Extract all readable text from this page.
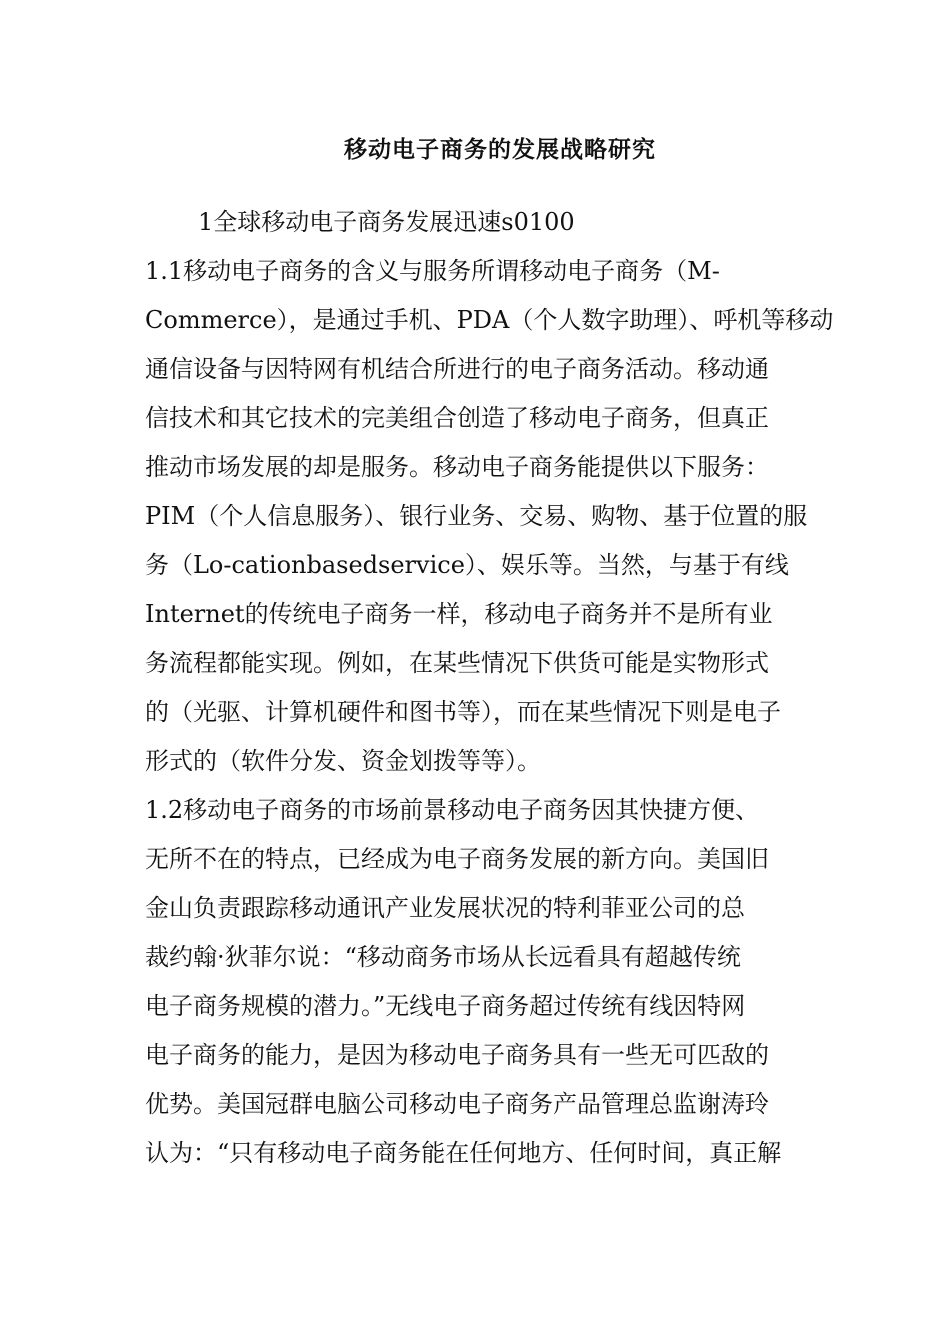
移动电子商务的发展战略研究
1全球移动电子商务发展迅速s0100
1.1移动电子商务的含义与服务所谓移动电子商务（M-
Commerce），是通过手机、PDA（个人数字助理）、呼机等移动
通信设备与因特网有机结合所进行的电子商务活动。移动通
信技术和其它技术的完美组合创造了移动电子商务，但真正
推动市场发展的却是服务。移动电子商务能提供以下服务：
PIM（个人信息服务）、银行业务、交易、购物、基于位置的服
务（Lo-cationbasedservice）、娱乐等。当然，与基于有线
Internet的传统电子商务一样，移动电子商务并不是所有业
务流程都能实现。例如，在某些情况下供货可能是实物形式
的（光驱、计算机硬件和图书等），而在某些情况下则是电子
形式的（软件分发、资金划拨等等）。
1.2移动电子商务的市场前景移动电子商务因其快捷方便、
无所不在的特点，已经成为电子商务发展的新方向。美国旧
金山负责跟踪移动通讯产业发展状况的特利菲亚公司的总
裁约翰·狄菲尔说：“移动商务市场从长远看具有超越传统
电子商务规模的潜力。”无线电子商务超过传统有线因特网
电子商务的能力，是因为移动电子商务具有一些无可匹敌的
优势。美国冠群电脑公司移动电子商务产品管理总监谢涛玲
认为：“只有移动电子商务能在任何地方、任何时间，真正解
